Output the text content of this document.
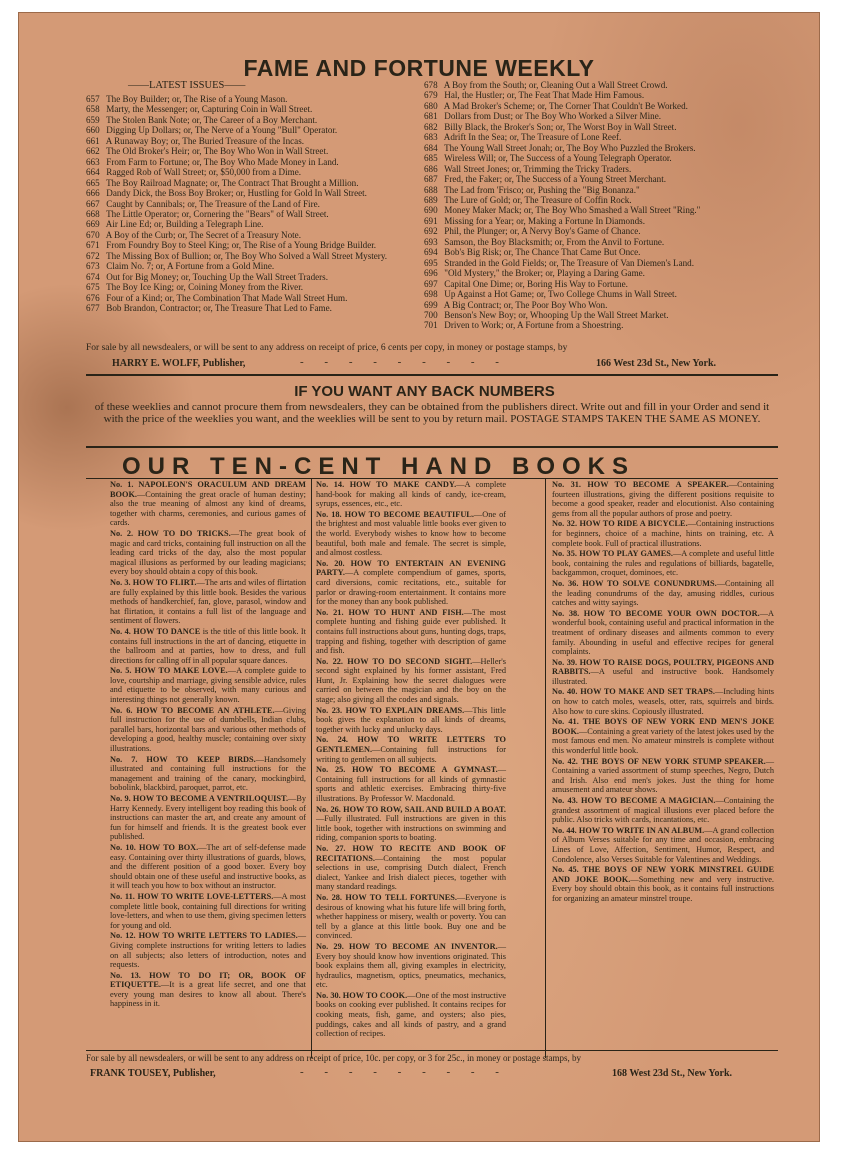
FAME AND FORTUNE WEEKLY
——LATEST ISSUES——
657 The Boy Builder; or, The Rise of a Young Mason.
658 Marty, the Messenger; or, Capturing Coin in Wall Street.
659 The Stolen Bank Note; or, The Career of a Boy Merchant.
660 Digging Up Dollars; or, The Nerve of a Young "Bull" Operator.
661 A Runaway Boy; or, The Buried Treasure of the Incas.
662 The Old Broker's Heir; or, The Boy Who Won in Wall Street.
663 From Farm to Fortune; or, The Boy Who Made Money in Land.
664 Ragged Rob of Wall Street; or, $50,000 from a Dime.
665 The Boy Railroad Magnate; or, The Contract That Brought a Million.
666 Dandy Dick, the Boss Boy Broker; or, Hustling for Gold In Wall Street.
667 Caught by Cannibals; or, The Treasure of the Land of Fire.
668 The Little Operator; or, Cornering the "Bears" of Wall Street.
669 Air Line Ed; or, Building a Telegraph Line.
670 A Boy of the Curb; or, The Secret of a Treasury Note.
671 From Foundry Boy to Steel King; or, The Rise of a Young Bridge Builder.
672 The Missing Box of Bullion; or, The Boy Who Solved a Wall Street Mystery.
673 Claim No. 7; or, A Fortune from a Gold Mine.
674 Out for Big Money; or, Touching Up the Wall Street Traders.
675 The Boy Ice King; or, Coining Money from the River.
676 Four of a Kind; or, The Combination That Made Wall Street Hum.
677 Bob Brandon, Contractor; or, The Treasure That Led to Fame.
678 A Boy from the South; or, Cleaning Out a Wall Street Crowd.
679 Hal, the Hustler; or, The Feat That Made Him Famous.
680 A Mad Broker's Scheme; or, The Corner That Couldn't Be Worked.
681 Dollars from Dust; or The Boy Who Worked a Silver Mine.
682 Billy Black, the Broker's Son; or, The Worst Boy in Wall Street.
683 Adrift In the Sea; or, The Treasure of Lone Reef.
684 The Young Wall Street Jonah; or, The Boy Who Puzzled the Brokers.
685 Wireless Will; or, The Success of a Young Telegraph Operator.
686 Wall Street Jones; or, Trimming the Tricky Traders.
687 Fred, the Faker; or, The Success of a Young Street Merchant.
688 The Lad from 'Frisco; or, Pushing the "Big Bonanza."
689 The Lure of Gold; or, The Treasure of Coffin Rock.
690 Money Maker Mack; or, The Boy Who Smashed a Wall Street "Ring."
691 Missing for a Year; or, Making a Fortune In Diamonds.
692 Phil, the Plunger; or, A Nervy Boy's Game of Chance.
693 Samson, the Boy Blacksmith; or, From the Anvil to Fortune.
694 Bob's Big Risk; or, The Chance That Came But Once.
695 Stranded in the Gold Fields; or, The Treasure of Van Diemen's Land.
696 "Old Mystery," the Broker; or, Playing a Daring Game.
697 Capital One Dime; or, Boring His Way to Fortune.
698 Up Against a Hot Game; or, Two College Chums in Wall Street.
699 A Big Contract; or, The Poor Boy Who Won.
700 Benson's New Boy; or, Whooping Up the Wall Street Market.
701 Driven to Work; or, A Fortune from a Shoestring.
For sale by all newsdealers, or will be sent to any address on receipt of price, 6 cents per copy, in money or postage stamps, by
HARRY E. WOLFF, Publisher,	- - - - - - - - -	166 West 23d St., New York.
IF YOU WANT ANY BACK NUMBERS
of these weeklies and cannot procure them from newsdealers, they can be obtained from the publishers direct. Write out and fill in your Order and send it with the price of the weeklies you want, and the weeklies will be sent to you by return mail. POSTAGE STAMPS TAKEN THE SAME AS MONEY.
OUR TEN-CENT HAND BOOKS
No. 1. NAPOLEON'S ORACULUM AND DREAM BOOK.—Containing the great oracle of human destiny; also the true meaning of almost any kind of dreams, together with charms, ceremonies, and curious games of cards.
No. 2. HOW TO DO TRICKS.—The great book of magic and card tricks, containing full instruction on all the leading card tricks of the day, also the most popular magical illusions as performed by our leading magicians; every boy should obtain a copy of this book.
No. 3. HOW TO FLIRT.—The arts and wiles of flirtation are fully explained by this little book. Besides the various methods of handkerchief, fan, glove, parasol, window and hat flirtation, it contains a full list of the language and sentiment of flowers.
No. 4. HOW TO DANCE is the title of this little book. It contains full instructions in the art of dancing, etiquette in the ballroom and at parties, how to dress, and full directions for calling off in all popular square dances.
No. 5. HOW TO MAKE LOVE.—A complete guide to love, courtship and marriage, giving sensible advice, rules and etiquette to be observed, with many curious and interesting things not generally known.
No. 6. HOW TO BECOME AN ATHLETE.—Giving full instruction for the use of dumbbells, Indian clubs, parallel bars, horizontal bars and various other methods of developing a good, healthy muscle; containing over sixty illustrations.
No. 7. HOW TO KEEP BIRDS.—Handsomely illustrated and containing full instructions for the management and training of the canary, mockingbird, bobolink, blackbird, paroquet, parrot, etc.
No. 9. HOW TO BECOME A VENTRILOQUIST.—By Harry Kennedy. Every intelligent boy reading this book of instructions can master the art, and create any amount of fun for himself and friends. It is the greatest book ever published.
No. 10. HOW TO BOX.—The art of self-defense made easy. Containing over thirty illustrations of guards, blows, and the different position of a good boxer. Every boy should obtain one of these useful and instructive books, as it will teach you how to box without an instructor.
No. 11. HOW TO WRITE LOVE-LETTERS.—A most complete little book, containing full directions for writing love-letters, and when to use them, giving specimen letters for young and old.
No. 12. HOW TO WRITE LETTERS TO LADIES.—Giving complete instructions for writing letters to ladies on all subjects; also letters of introduction, notes and requests.
No. 13. HOW TO DO IT; OR, BOOK OF ETIQUETTE.—It is a great life secret, and one that every young man desires to know all about. There's happiness in it.
No. 14. HOW TO MAKE CANDY.—A complete hand-book for making all kinds of candy, ice-cream, syrups, essences, etc., etc.
No. 18. HOW TO BECOME BEAUTIFUL.—One of the brightest and most valuable little books ever given to the world. Everybody wishes to know how to become beautiful, both male and female. The secret is simple, and almost costless.
No. 20. HOW TO ENTERTAIN AN EVENING PARTY.—A complete compendium of games, sports, card diversions, comic recitations, etc., suitable for parlor or drawing-room entertainment. It contains more for the money than any book published.
No. 21. HOW TO HUNT AND FISH.—The most complete hunting and fishing guide ever published. It contains full instructions about guns, hunting dogs, traps, trapping and fishing, together with description of game and fish.
No. 22. HOW TO DO SECOND SIGHT.—Heller's second sight explained by his former assistant, Fred Hunt, Jr. Explaining how the secret dialogues were carried on between the magician and the boy on the stage; also giving all the codes and signals.
No. 23. HOW TO EXPLAIN DREAMS.—This little book gives the explanation to all kinds of dreams, together with lucky and unlucky days.
No. 24. HOW TO WRITE LETTERS TO GENTLEMEN.—Containing full instructions for writing to gentlemen on all subjects.
No. 25. HOW TO BECOME A GYMNAST.—Containing full instructions for all kinds of gymnastic sports and athletic exercises. Embracing thirty-five illustrations. By Professor W. Macdonald.
No. 26. HOW TO ROW, SAIL AND BUILD A BOAT.—Fully illustrated. Full instructions are given in this little book, together with instructions on swimming and riding, companion sports to boating.
No. 27. HOW TO RECITE AND BOOK OF RECITATIONS.—Containing the most popular selections in use, comprising Dutch dialect, French dialect, Yankee and Irish dialect pieces, together with many standard readings.
No. 28. HOW TO TELL FORTUNES.—Everyone is desirous of knowing what his future life will bring forth, whether happiness or misery, wealth or poverty. You can tell by a glance at this little book. Buy one and be convinced.
No. 29. HOW TO BECOME AN INVENTOR.—Every boy should know how inventions originated. This book explains them all, giving examples in electricity, hydraulics, magnetism, optics, pneumatics, mechanics, etc.
No. 30. HOW TO COOK.—One of the most instructive books on cooking ever published. It contains recipes for cooking meats, fish, game, and oysters; also pies, puddings, cakes and all kinds of pastry, and a grand collection of recipes.
No. 31. HOW TO BECOME A SPEAKER.—Containing fourteen illustrations, giving the different positions requisite to become a good speaker, reader and elocutionist. Also containing gems from all the popular authors of prose and poetry.
No. 32. HOW TO RIDE A BICYCLE.—Containing instructions for beginners, choice of a machine, hints on training, etc. A complete book. Full of practical illustrations.
No. 35. HOW TO PLAY GAMES.—A complete and useful little book, containing the rules and regulations of billiards, bagatelle, backgammon, croquet, dominoes, etc.
No. 36. HOW TO SOLVE CONUNDRUMS.—Containing all the leading conundrums of the day, amusing riddles, curious catches and witty sayings.
No. 38. HOW TO BECOME YOUR OWN DOCTOR.—A wonderful book, containing useful and practical information in the treatment of ordinary diseases and ailments common to every family. Abounding in useful and effective recipes for general complaints.
No. 39. HOW TO RAISE DOGS, POULTRY, PIGEONS AND RABBITS.—A useful and instructive book. Handsomely illustrated.
No. 40. HOW TO MAKE AND SET TRAPS.—Including hints on how to catch moles, weasels, otter, rats, squirrels and birds. Also how to cure skins. Copiously illustrated.
No. 41. THE BOYS OF NEW YORK END MEN'S JOKE BOOK.—Containing a great variety of the latest jokes used by the most famous end men. No amateur minstrels is complete without this wonderful little book.
No. 42. THE BOYS OF NEW YORK STUMP SPEAKER.—Containing a varied assortment of stump speeches, Negro, Dutch and Irish. Also end men's jokes. Just the thing for home amusement and amateur shows.
No. 43. HOW TO BECOME A MAGICIAN.—Containing the grandest assortment of magical illusions ever placed before the public. Also tricks with cards, incantations, etc.
No. 44. HOW TO WRITE IN AN ALBUM.—A grand collection of Album Verses suitable for any time and occasion, embracing Lines of Love, Affection, Sentiment, Humor, Respect, and Condolence, also Verses Suitable for Valentines and Weddings.
No. 45. THE BOYS OF NEW YORK MINSTREL GUIDE AND JOKE BOOK.—Something new and very instructive. Every boy should obtain this book, as it contains full instructions for organizing an amateur minstrel troupe.
For sale by all newsdealers, or will be sent to any address on receipt of price, 10c. per copy, or 3 for 25c., in money or postage stamps, by
FRANK TOUSEY, Publisher,	- - - - - - - - -	168 West 23d St., New York.
